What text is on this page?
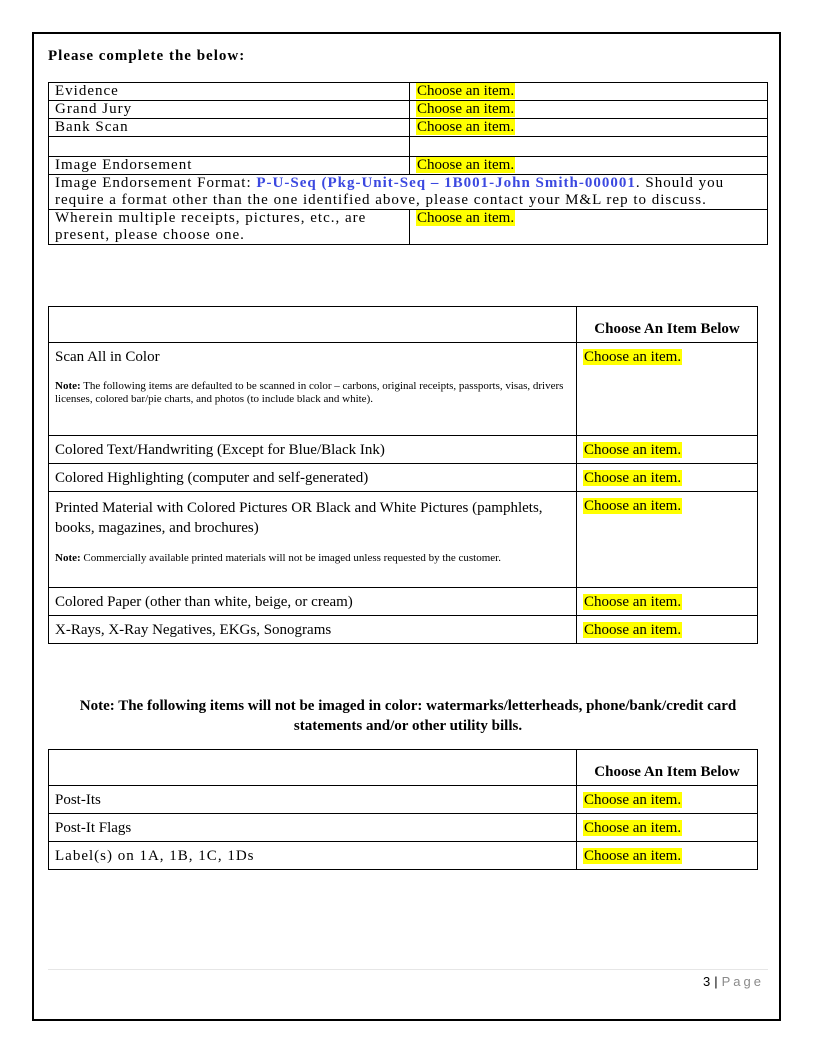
Please complete the below:
Evidence	Choose an item.
Grand Jury	Choose an item.
Bank Scan	Choose an item.

Image Endorsement	Choose an item.
Image Endorsement Format: P-U-Seq (Pkg-Unit-Seq – 1B001-John Smith-000001. Should you require a format other than the one identified above, please contact your M&L rep to discuss.	
Wherein multiple receipts, pictures, etc., are present, please choose one.	Choose an item.
	Choose An Item Below

Scan All in Color
Note: The following items are defaulted to be scanned in color – carbons, original receipts, passports, visas, drivers licenses, colored bar/pie charts, and photos (to include black and white).	Choose an item.
Colored Text/Handwriting (Except for Blue/Black Ink)	Choose an item.
Colored Highlighting (computer and self-generated)	Choose an item.

Printed Material with Colored Pictures OR Black and White Pictures (pamphlets, books, magazines, and brochures)
Note: Commercially available printed materials will not be imaged unless requested by the customer.	Choose an item.
Colored Paper (other than white, beige, or cream)	Choose an item.
X-Rays, X-Ray Negatives, EKGs, Sonograms	Choose an item.
Note: The following items will not be imaged in color: watermarks/letterheads, phone/bank/credit card statements and/or other utility bills.
	Choose An Item Below
Post-Its	Choose an item.
Post-It Flags	Choose an item.
Label(s) on 1A, 1B, 1C, 1Ds	Choose an item.
3 | Page
